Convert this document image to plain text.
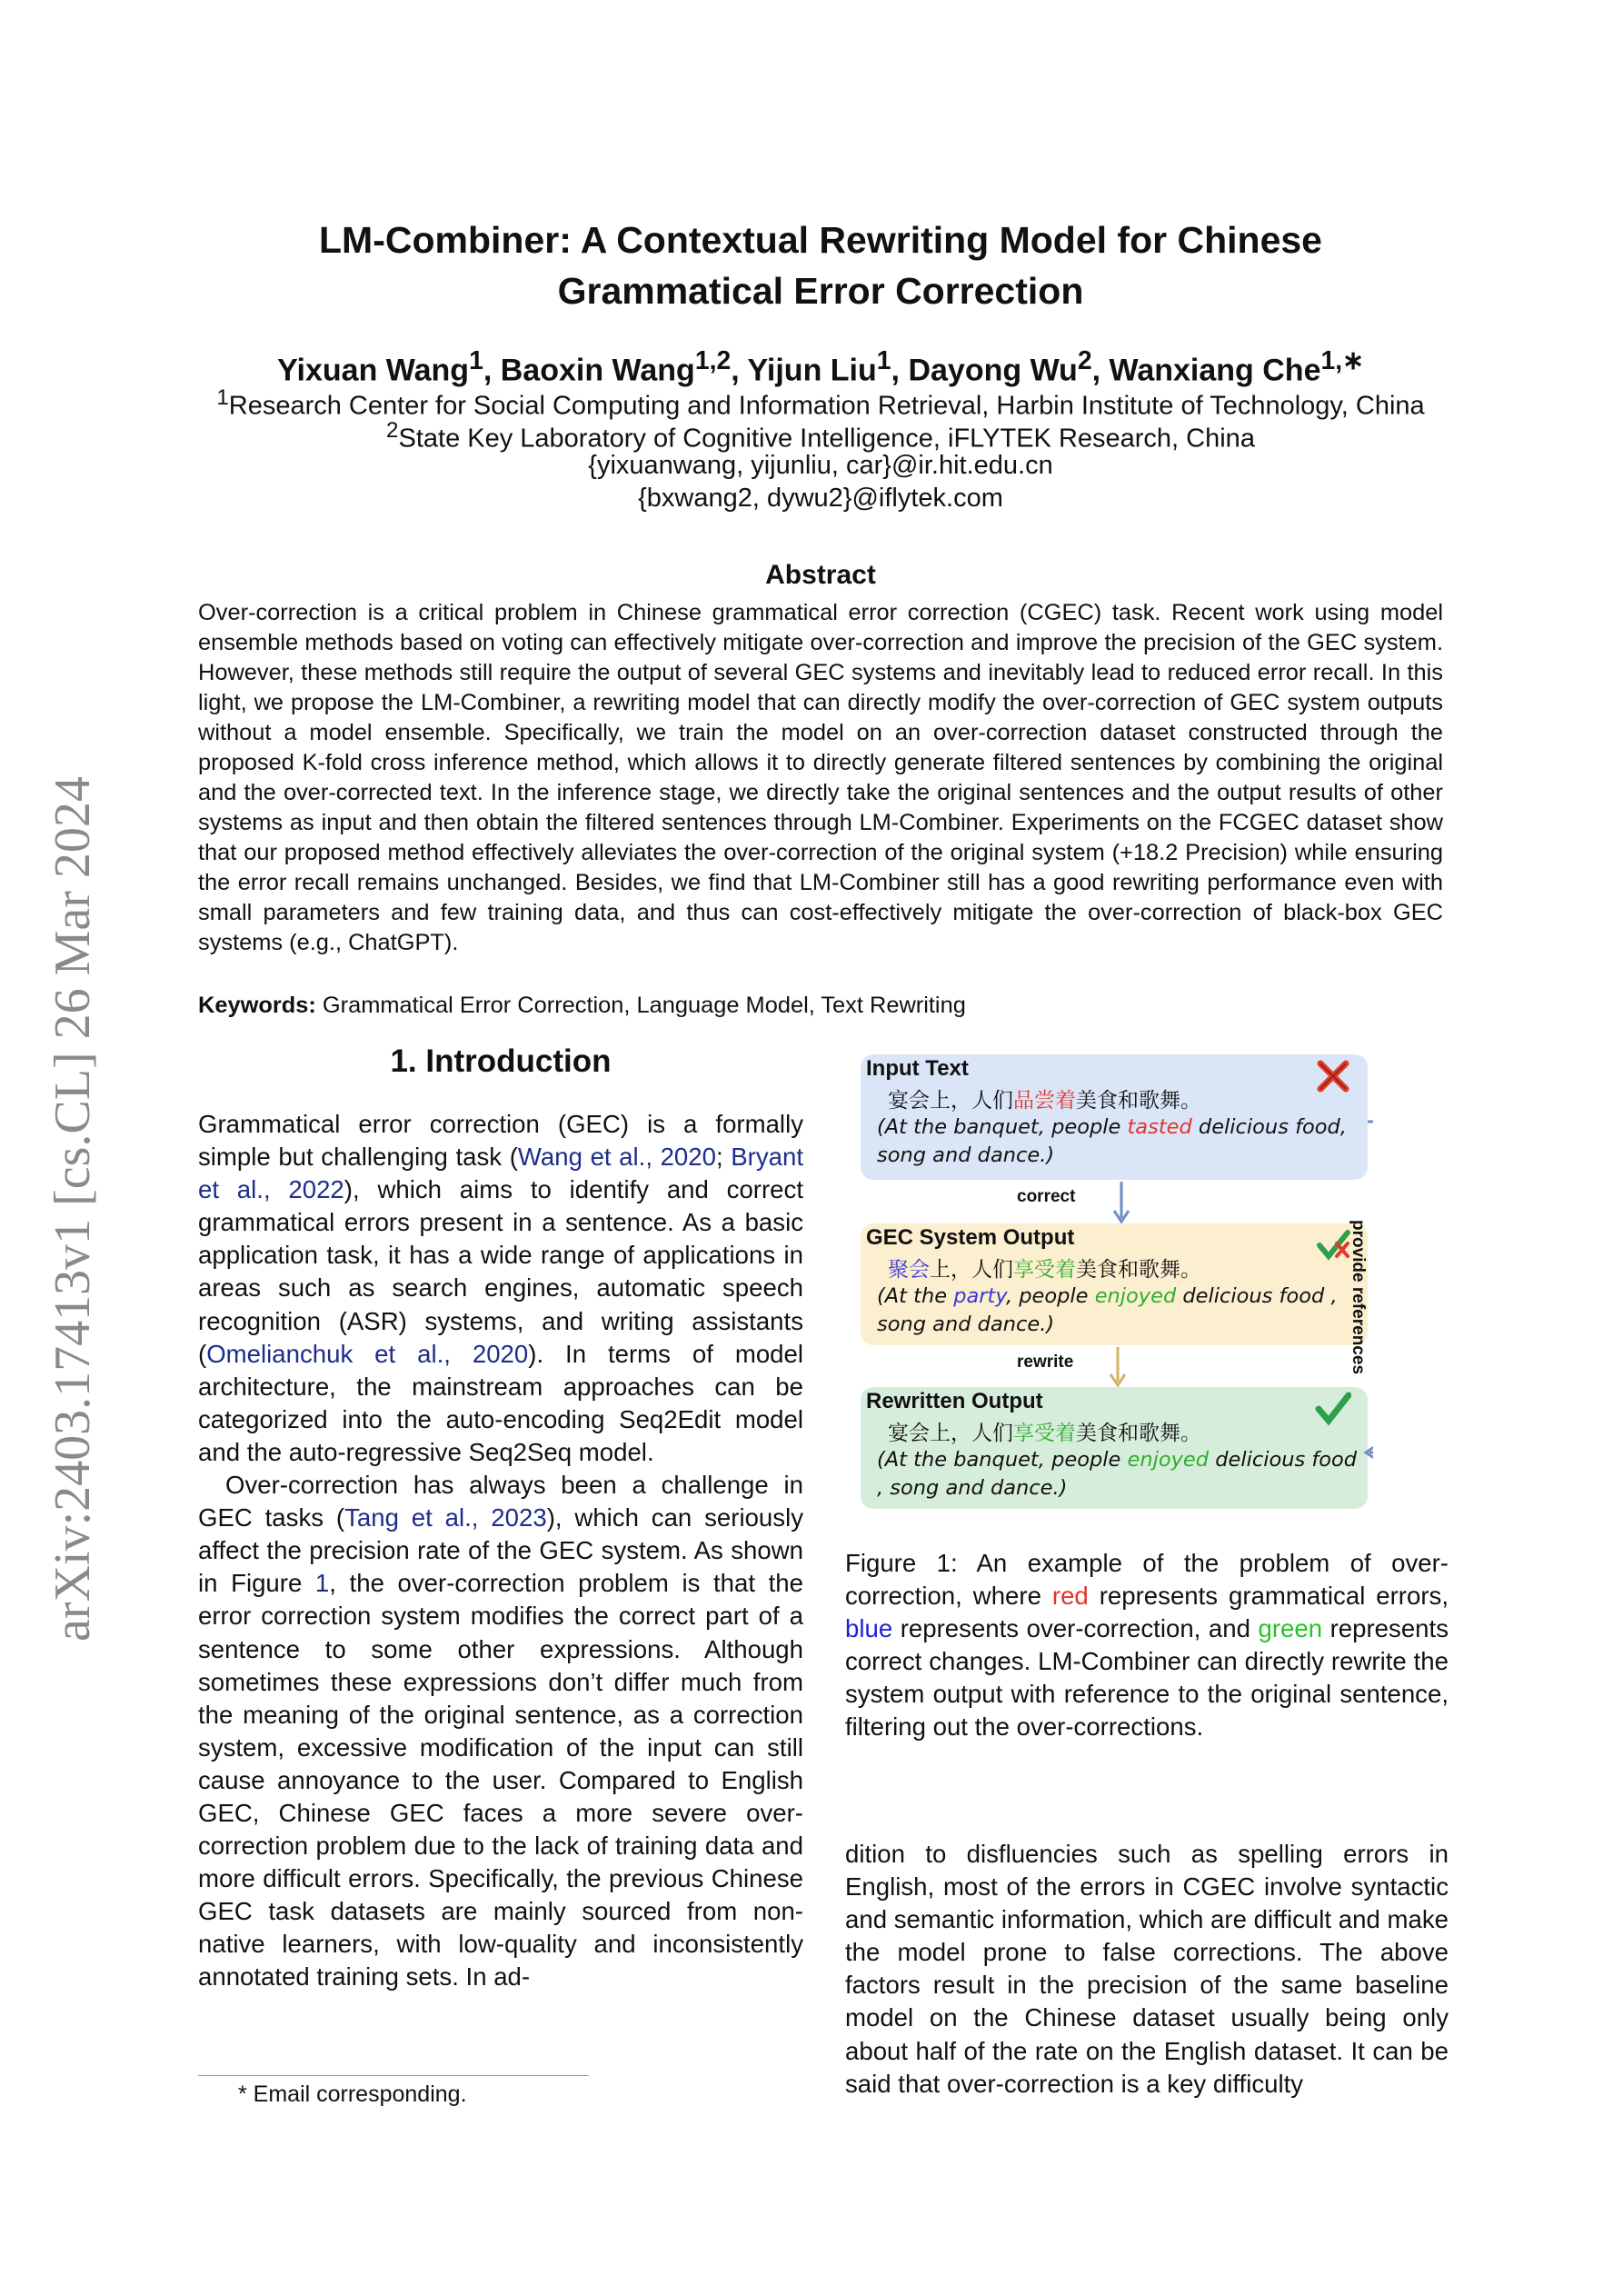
arXiv:2403.17413v1 [cs.CL] 26 Mar 2024
LM-Combiner: A Contextual Rewriting Model for Chinese Grammatical Error Correction
Yixuan Wang$^1$, Baoxin Wang$^{1,2}$, Yijun Liu$^1$, Dayong Wu$^2$, Wanxiang Che$^{1,∗}$
$^1$Research Center for Social Computing and Information Retrieval, Harbin Institute of Technology, China
$^2$State Key Laboratory of Cognitive Intelligence, iFLYTEK Research, China
{yixuanwang, yijunliu, car}@ir.hit.edu.cn
{bxwang2, dywu2}@iflytek.com
Abstract
Over-correction is a critical problem in Chinese grammatical error correction (CGEC) task. Recent work using model ensemble methods based on voting can effectively mitigate over-correction and improve the precision of the GEC system. However, these methods still require the output of several GEC systems and inevitably lead to reduced error recall. In this light, we propose the LM-Combiner, a rewriting model that can directly modify the over-correction of GEC system outputs without a model ensemble. Specifically, we train the model on an over-correction dataset constructed through the proposed K-fold cross inference method, which allows it to directly generate filtered sentences by combining the original and the over-corrected text. In the inference stage, we directly take the original sentences and the output results of other systems as input and then obtain the filtered sentences through LM-Combiner. Experiments on the FCGEC dataset show that our proposed method effectively alleviates the over-correction of the original system (+18.2 Precision) while ensuring the error recall remains unchanged. Besides, we find that LM-Combiner still has a good rewriting performance even with small parameters and few training data, and thus can cost-effectively mitigate the over-correction of black-box GEC systems (e.g., ChatGPT).
Keywords: Grammatical Error Correction, Language Model, Text Rewriting
1. Introduction

Grammatical error correction (GEC) is a formally simple but challenging task (Wang et al., 2020; Bryant et al., 2022), which aims to identify and correct grammatical errors present in a sentence. As a basic application task, it has a wide range of applications in areas such as search engines, automatic speech recognition (ASR) systems, and writing assistants (Omelianchuk et al., 2020). In terms of model architecture, the mainstream approaches can be categorized into the auto-encoding Seq2Edit model and the auto-regressive Seq2Seq model.

Over-correction has always been a challenge in GEC tasks (Tang et al., 2023), which can seriously affect the precision rate of the GEC system. As shown in Figure 1, the over-correction problem is that the error correction system modifies the correct part of a sentence to some other expressions. Although sometimes these expressions don’t differ much from the meaning of the original sentence, as a correction system, excessive modification of the input can still cause annoyance to the user. Compared to English GEC, Chinese GEC faces a more severe over-correction problem due to the lack of training data and more difficult errors. Specifically, the previous Chinese GEC task datasets are mainly sourced from non-native learners, with low-quality and inconsistently annotated training sets. In ad-

* Email corresponding.
Input Text
宴会上，人们品尝着美食和歌舞。
(At the banquet, people tasted delicious food, song and dance.)
GEC System Output
聚会上，人们享受着美食和歌舞。
(At the party, people enjoyed delicious food , song and dance.)
Rewritten Output
宴会上，人们享受着美食和歌舞。
(At the banquet, people enjoyed delicious food , song and dance.)
correct
rewrite	provide references
Figure 1: An example of the problem of over-correction, where red represents grammatical errors, blue represents over-correction, and green represents correct changes. LM-Combiner can directly rewrite the system output with reference to the original sentence, filtering out the over-corrections.

dition to disfluencies such as spelling errors in English, most of the errors in CGEC involve syntactic and semantic information, which are difficult and make the model prone to false corrections. The above factors result in the precision of the same baseline model on the Chinese dataset usually being only about half of the rate on the English dataset. It can be said that over-correction is a key difficulty
